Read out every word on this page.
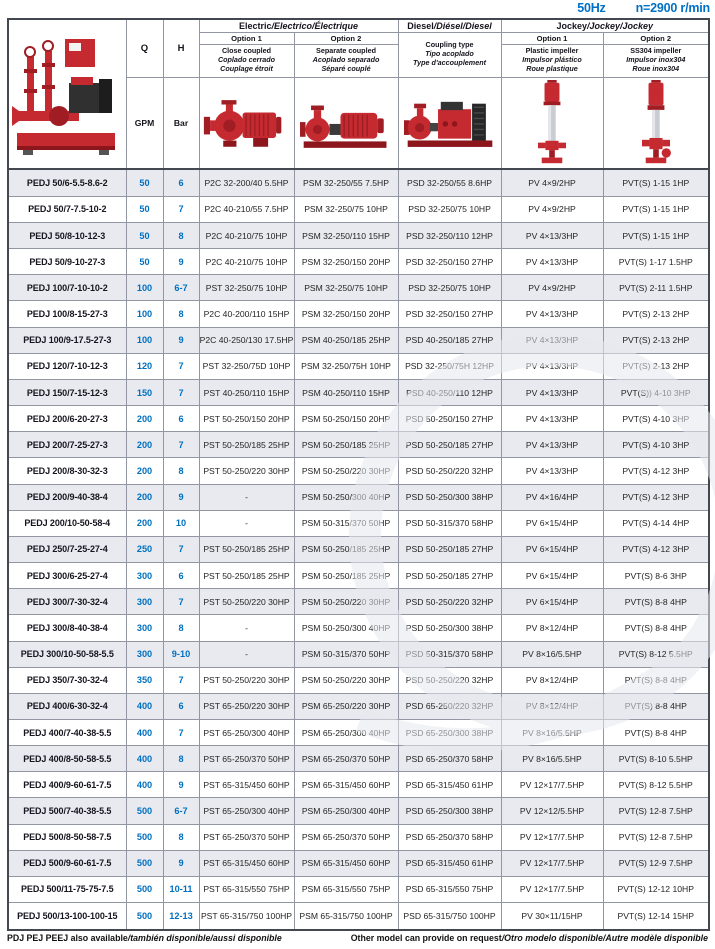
50Hz n=2900 r/min
	Q	H	Electric/Electrico/Électrique		Diesel/Diésel/Diesel	Jockey/Jockey/Jockey	
			Option 1	Option 2	Coupling type
Tipo acoplado
Type d'accouplement	Option 1	Option 2

			Close coupled
Coplado cerrado
Couplage étroit	Separate coupled
Acoplado separado
Séparé couplé		Plastic impeller
Impulsor plástico
Roue plastique	SS304 impeller
Impulsor inox304
Roue inox304

	GPM	Bar	

PEDJ 50/6-5.5-8.6-2	50	6	P2C 32-200/40 5.5HP	PSM 32-250/55 7.5HP	PSD 32-250/55 8.6HP	PV 4×9/2HP	PVT(S) 1-15 1HP
PEDJ 50/7-7.5-10-2	50	7	P2C 40-210/55 7.5HP	PSM 32-250/75 10HP	PSD 32-250/75 10HP	PV 4×9/2HP	PVT(S) 1-15 1HP
PEDJ 50/8-10-12-3	50	8	P2C 40-210/75 10HP	PSM 32-250/110 15HP	PSD 32-250/110 12HP	PV 4×13/3HP	PVT(S) 1-15 1HP
PEDJ 50/9-10-27-3	50	9	P2C 40-210/75 10HP	PSM 32-250/150 20HP	PSD 32-250/150 27HP	PV 4×13/3HP	PVT(S) 1-17 1.5HP
PEDJ 100/7-10-10-2	100	6-7	PST 32-250/75 10HP	PSM 32-250/75 10HP	PSD 32-250/75 10HP	PV 4×9/2HP	PVT(S) 2-11 1.5HP
PEDJ 100/8-15-27-3	100	8	P2C 40-200/110 15HP	PSM 32-250/150 20HP	PSD 32-250/150 27HP	PV 4×13/3HP	PVT(S) 2-13 2HP
PEDJ 100/9-17.5-27-3	100	9	P2C 40-250/130 17.5HP	PSM 40-250/185 25HP	PSD 40-250/185 27HP	PV 4×13/3HP	PVT(S) 2-13 2HP
PEDJ 120/7-10-12-3	120	7	PST 32-250/75D 10HP	PSM 32-250/75H 10HP	PSD 32-250/75H 12HP	PV 4×13/3HP	PVT(S) 2-13 2HP
PEDJ 150/7-15-12-3	150	7	PST 40-250/110 15HP	PSM 40-250/110 15HP	PSD 40-250/110 12HP	PV 4×13/3HP	PVT(S)) 4-10 3HP
PEDJ 200/6-20-27-3	200	6	PST 50-250/150 20HP	PSM 50-250/150 20HP	PSD 50-250/150 27HP	PV 4×13/3HP	PVT(S) 4-10 3HP
PEDJ 200/7-25-27-3	200	7	PST 50-250/185 25HP	PSM 50-250/185 25HP	PSD 50-250/185 27HP	PV 4×13/3HP	PVT(S) 4-10 3HP
PEDJ 200/8-30-32-3	200	8	PST 50-250/220 30HP	PSM 50-250/220 30HP	PSD 50-250/220 32HP	PV 4×13/3HP	PVT(S) 4-12 3HP
PEDJ 200/9-40-38-4	200	9	-	PSM 50-250/300 40HP	PSD 50-250/300 38HP	PV 4×16/4HP	PVT(S) 4-12 3HP
PEDJ 200/10-50-58-4	200	10	-	PSM 50-315/370 50HP	PSD 50-315/370 58HP	PV 6×15/4HP	PVT(S) 4-14 4HP
PEDJ 250/7-25-27-4	250	7	PST 50-250/185 25HP	PSM 50-250/185 25HP	PSD 50-250/185 27HP	PV 6×15/4HP	PVT(S) 4-12 3HP
PEDJ 300/6-25-27-4	300	6	PST 50-250/185 25HP	PSM 50-250/185 25HP	PSD 50-250/185 27HP	PV 6×15/4HP	PVT(S) 8-6 3HP
PEDJ 300/7-30-32-4	300	7	PST 50-250/220 30HP	PSM 50-250/220 30HP	PSD 50-250/220 32HP	PV 6×15/4HP	PVT(S) 8-8 4HP
PEDJ 300/8-40-38-4	300	8	-	PSM 50-250/300 40HP	PSD 50-250/300 38HP	PV 8×12/4HP	PVT(S) 8-8 4HP
PEDJ 300/10-50-58-5.5	300	9-10	-	PSM 50-315/370 50HP	PSD 50-315/370 58HP	PV 8×16/5.5HP	PVT(S) 8-12 5.5HP
PEDJ 350/7-30-32-4	350	7	PST 50-250/220 30HP	PSM 50-250/220 30HP	PSD 50-250/220 32HP	PV 8×12/4HP	PVT(S) 8-8 4HP
PEDJ 400/6-30-32-4	400	6	PST 65-250/220 30HP	PSM 65-250/220 30HP	PSD 65-250/220 32HP	PV 8×12/4HP	PVT(S) 8-8 4HP
PEDJ 400/7-40-38-5.5	400	7	PST 65-250/300 40HP	PSM 65-250/300 40HP	PSD 65-250/300 38HP	PV 8×16/5.5HP	PVT(S) 8-8 4HP
PEDJ 400/8-50-58-5.5	400	8	PST 65-250/370 50HP	PSM 65-250/370 50HP	PSD 65-250/370 58HP	PV 8×16/5.5HP	PVT(S) 8-10 5.5HP
PEDJ 400/9-60-61-7.5	400	9	PST 65-315/450 60HP	PSM 65-315/450 60HP	PSD 65-315/450 61HP	PV 12×17/7.5HP	PVT(S) 8-12 5.5HP
PEDJ 500/7-40-38-5.5	500	6-7	PST 65-250/300 40HP	PSM 65-250/300 40HP	PSD 65-250/300 38HP	PV 12×12/5.5HP	PVT(S) 12-8 7.5HP
PEDJ 500/8-50-58-7.5	500	8	PST 65-250/370 50HP	PSM 65-250/370 50HP	PSD 65-250/370 58HP	PV 12×17/7.5HP	PVT(S) 12-8 7.5HP
PEDJ 500/9-60-61-7.5	500	9	PST 65-315/450 60HP	PSM 65-315/450 60HP	PSD 65-315/450 61HP	PV 12×17/7.5HP	PVT(S) 12-9 7.5HP
PEDJ 500/11-75-75-7.5	500	10-11	PST 65-315/550 75HP	PSM 65-315/550 75HP	PSD 65-315/550 75HP	PV 12×17/7.5HP	PVT(S) 12-12 10HP
PEDJ 500/13-100-100-15	500	12-13	PST 65-315/750 100HP	PSM 65-315/750 100HP	PSD 65-315/750 100HP	PV 30×11/15HP	PVT(S) 12-14 15HP
PDJ PEJ PEEJ also available/también disponible/aussi disponible	Other model can provide on request/Otro modelo disponible/Autre modèle disponible
